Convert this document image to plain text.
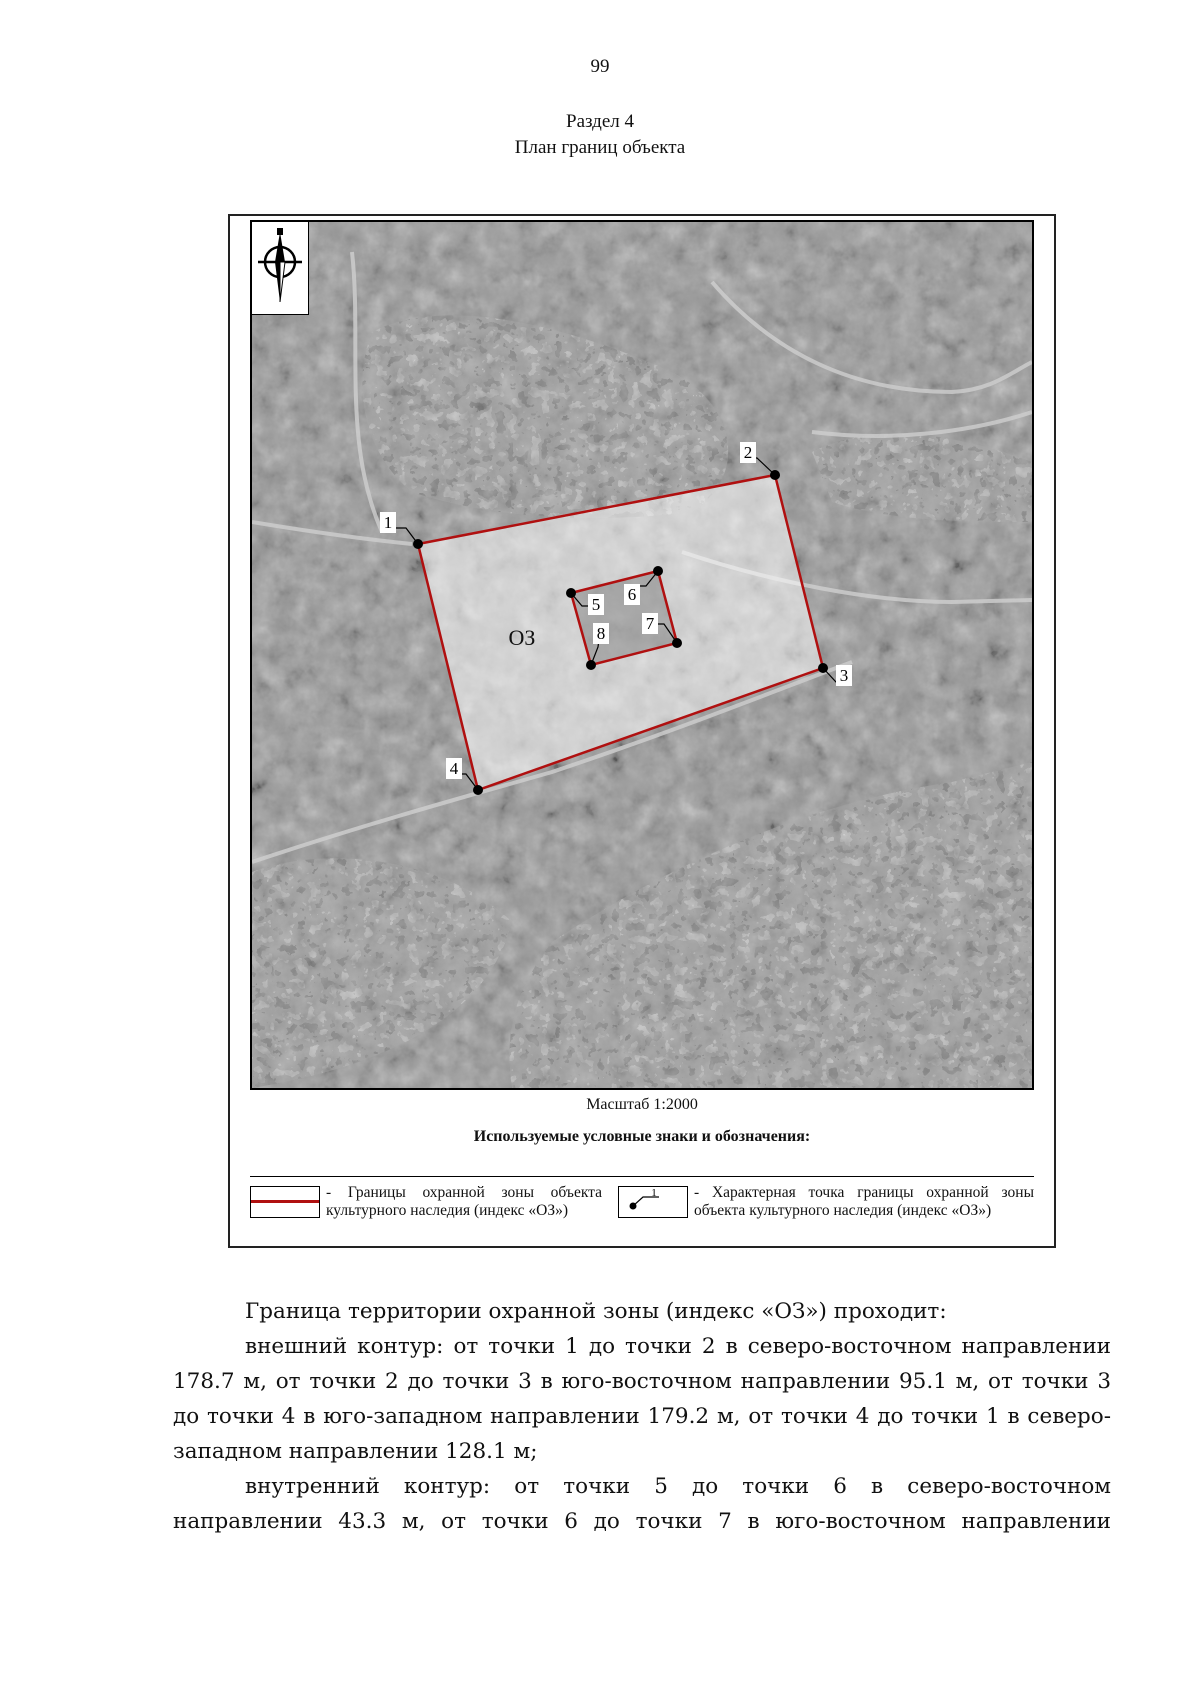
99
Раздел 4
План границ объекта
ОЗ
1
2
3
4
5
6
7
8
Масштаб 1:2000
Используемые условные знаки и обозначения:
- Границы охранной зоны объекта культурного наследия (индекс «ОЗ»)
1 - Характерная точка границы охранной зоны объекта культурного наследия (индекс «ОЗ»)

Граница территории охранной зоны (индекс «ОЗ») проходит:

внешний контур: от точки 1 до точки 2 в северо-восточном направлении 178.7 м, от точки 2 до точки 3 в юго-восточном направлении 95.1 м, от точки 3 до точки 4 в юго-западном направлении 179.2 м, от точки 4 до точки 1 в северо-западном направлении 128.1 м;

внутренний контур: от точки 5 до точки 6 в северо-восточном направлении 43.3 м, от точки 6 до точки 7 в юго-восточном направлении
